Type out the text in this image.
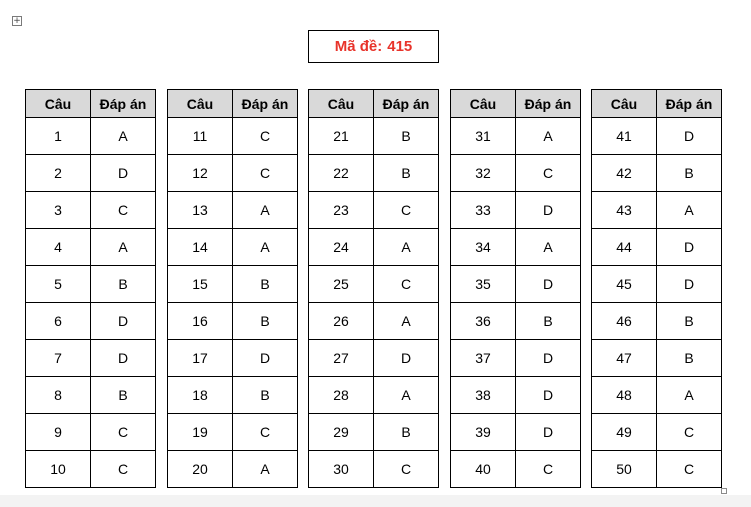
+
Mã đề: 415
Câu	Đáp án
1	A
2	D
3	C
4	A
5	B
6	D
7	D
8	B
9	C
10	C
Câu	Đáp án
11	C
12	C
13	A
14	A
15	B
16	B
17	D
18	B
19	C
20	A
Câu	Đáp án
21	B
22	B
23	C
24	A
25	C
26	A
27	D
28	A
29	B
30	C
Câu	Đáp án
31	A
32	C
33	D
34	A
35	D
36	B
37	D
38	D
39	D
40	C
Câu	Đáp án
41	D
42	B
43	A
44	D
45	D
46	B
47	B
48	A
49	C
50	C
